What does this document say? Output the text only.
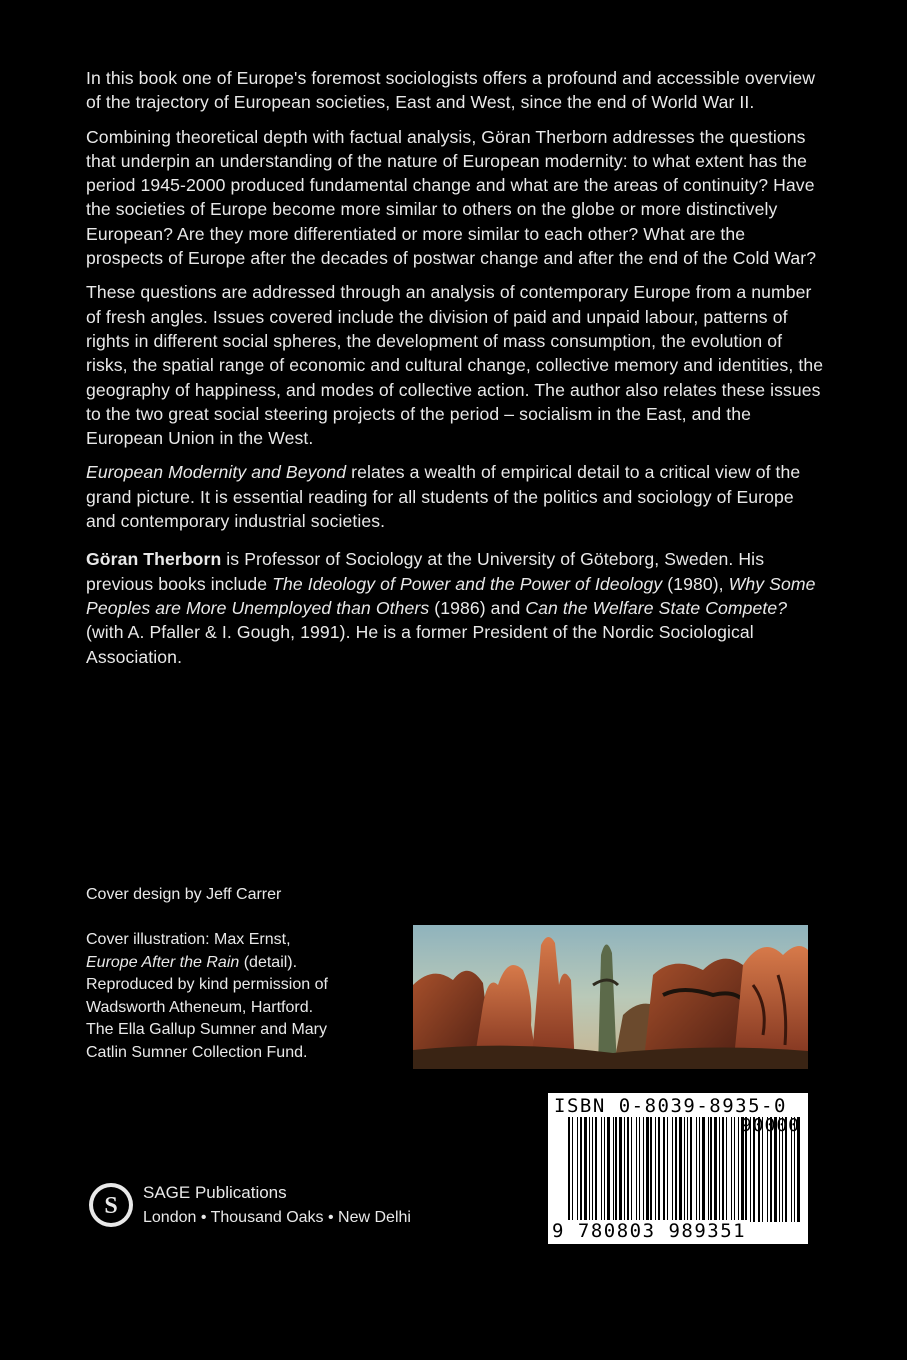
In this book one of Europe's foremost sociologists offers a profound and accessible overview of the trajectory of European societies, East and West, since the end of World War II.

Combining theoretical depth with factual analysis, Göran Therborn addresses the questions that underpin an understanding of the nature of European modernity: to what extent has the period 1945-2000 produced fundamental change and what are the areas of continuity? Have the societies of Europe become more similar to others on the globe or more distinctively European? Are they more differentiated or more similar to each other? What are the prospects of Europe after the decades of postwar change and after the end of the Cold War?

These questions are addressed through an analysis of contemporary Europe from a number of fresh angles. Issues covered include the division of paid and unpaid labour, patterns of rights in different social spheres, the development of mass consumption, the evolution of risks, the spatial range of economic and cultural change, collective memory and identities, the geography of happiness, and modes of collective action. The author also relates these issues to the two great social steering projects of the period – socialism in the East, and the European Union in the West.

European Modernity and Beyond relates a wealth of empirical detail to a critical view of the grand picture. It is essential reading for all students of the politics and sociology of Europe and contemporary industrial societies.

Göran Therborn is Professor of Sociology at the University of Göteborg, Sweden. His previous books include The Ideology of Power and the Power of Ideology (1980), Why Some Peoples are More Unemployed than Others (1986) and Can the Welfare State Compete?
(with A. Pfaller & I. Gough, 1991). He is a former President of the Nordic Sociological Association.

Cover design by Jeff Carrer
Cover illustration: Max Ernst,
Europe After the Rain (detail).
Reproduced by kind permission of
Wadsworth Atheneum, Hartford.
The Ella Gallup Sumner and Mary
Catlin Sumner Collection Fund.
ISBN 0-8039-8935-0
9 780803 989351
S
SAGE Publications
London • Thousand Oaks • New Delhi
